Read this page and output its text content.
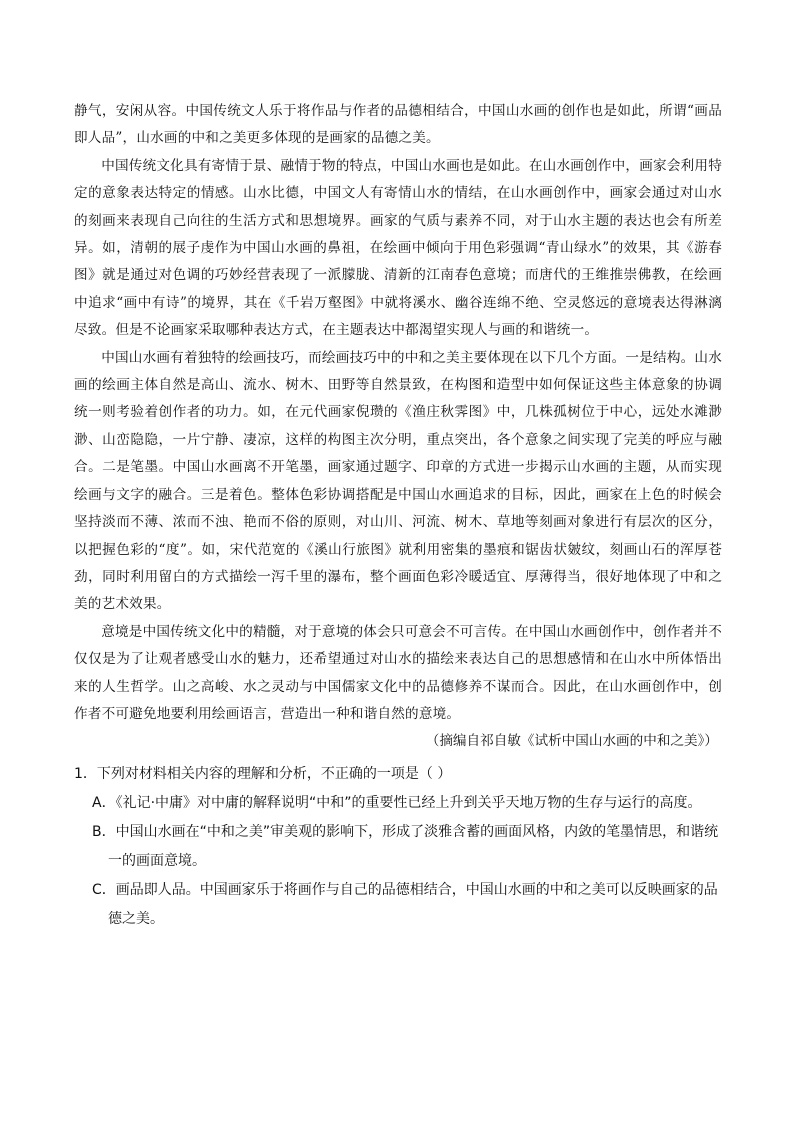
静气，安闲从容。中国传统文人乐于将作品与作者的品德相结合，中国山水画的创作也是如此，所谓“画品即人品”，山水画的中和之美更多体现的是画家的品德之美。

中国传统文化具有寄情于景、融情于物的特点，中国山水画也是如此。在山水画创作中，画家会利用特定的意象表达特定的情感。山水比德，中国文人有寄情山水的情结，在山水画创作中，画家会通过对山水的刻画来表现自己向往的生活方式和思想境界。画家的气质与素养不同，对于山水主题的表达也会有所差异。如，清朝的展子虔作为中国山水画的鼻祖，在绘画中倾向于用色彩强调“青山绿水”的效果，其《游春图》就是通过对色调的巧妙经营表现了一派朦胧、清新的江南春色意境；而唐代的王维推崇佛教，在绘画中追求“画中有诗”的境界，其在《千岩万壑图》中就将溪水、幽谷连绵不绝、空灵悠远的意境表达得淋漓尽致。但是不论画家采取哪种表达方式，在主题表达中都渴望实现人与画的和谐统一。

中国山水画有着独特的绘画技巧，而绘画技巧中的中和之美主要体现在以下几个方面。一是结构。山水画的绘画主体自然是高山、流水、树木、田野等自然景致，在构图和造型中如何保证这些主体意象的协调统一则考验着创作者的功力。如，在元代画家倪瓒的《渔庄秋霁图》中，几株孤树位于中心，远处水滩渺渺、山峦隐隐，一片宁静、凄凉，这样的构图主次分明，重点突出，各个意象之间实现了完美的呼应与融合。二是笔墨。中国山水画离不开笔墨，画家通过题字、印章的方式进一步揭示山水画的主题，从而实现绘画与文字的融合。三是着色。整体色彩协调搭配是中国山水画追求的目标，因此，画家在上色的时候会坚持淡而不薄、浓而不浊、艳而不俗的原则，对山川、河流、树木、草地等刻画对象进行有层次的区分，以把握色彩的“度”。如，宋代范宽的《溪山行旅图》就利用密集的墨痕和锯齿状皴纹，刻画山石的浑厚苍劲，同时利用留白的方式描绘一泻千里的瀑布，整个画面色彩冷暖适宜、厚薄得当，很好地体现了中和之美的艺术效果。

意境是中国传统文化中的精髓，对于意境的体会只可意会不可言传。在中国山水画创作中，创作者并不仅仅是为了让观者感受山水的魅力，还希望通过对山水的描绘来表达自己的思想感情和在山水中所体悟出来的人生哲学。山之高峻、水之灵动与中国儒家文化中的品德修养不谋而合。因此，在山水画创作中，创作者不可避免地要利用绘画语言，营造出一种和谐自然的意境。

（摘编自祁自敏《试析中国山水画的中和之美》）

1．下列对材料相关内容的理解和分析，不正确的一项是（ ）

A．《礼记·中庸》对中庸的解释说明“中和”的重要性已经上升到关乎天地万物的生存与运行的高度。
B．中国山水画在“中和之美”审美观的影响下，形成了淡雅含蓄的画面风格，内敛的笔墨情思，和谐统
一的画面意境。
C．画品即人品。中国画家乐于将画作与自己的品德相结合，中国山水画的中和之美可以反映画家的品
德之美。
